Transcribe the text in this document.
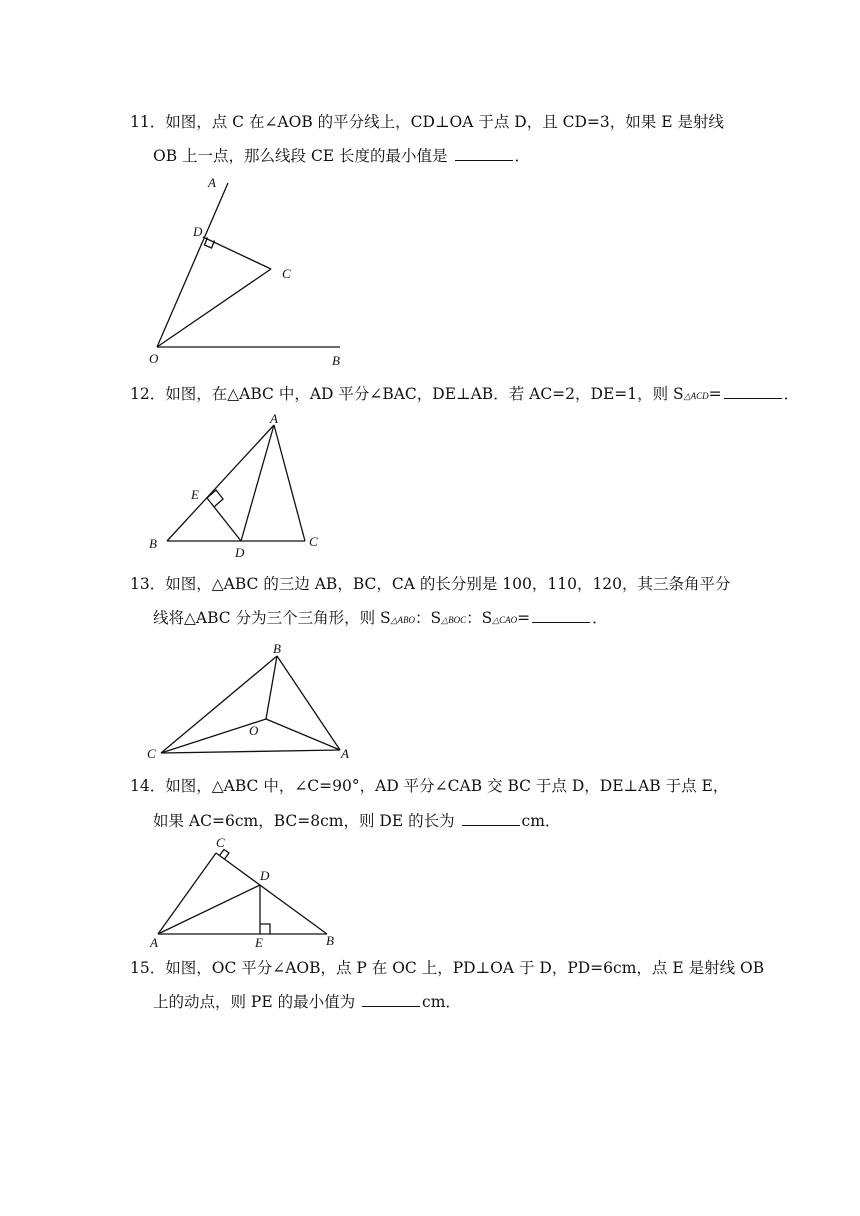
11．如图，点 C 在∠AOB 的平分线上，CD⊥OA 于点 D，且 CD=3，如果 E 是射线
OB 上一点，那么线段 CE 长度的最小值是	．
A
D
C
O	B
12．如图，在△ABC 中，AD 平分∠BAC，DE⊥AB．若 AC=2，DE=1，则 S△ACD=	．
A
E
B
D
C
13．如图，△ABC 的三边 AB，BC，CA 的长分别是 100，110，120，其三条角平分
线将△ABC 分为三个三角形，则 S△ABO：S△BOC：S△CAO=	．
B
O
C	A
14．如图，△ABC 中，∠C=90°，AD 平分∠CAB 交 BC 于点 D，DE⊥AB 于点 E，
如果 AC=6cm，BC=8cm，则 DE 的长为	cm．
C
D
A	E	B
15．如图，OC 平分∠AOB，点 P 在 OC 上，PD⊥OA 于 D，PD=6cm，点 E 是射线 OB
上的动点，则 PE 的最小值为	cm．
